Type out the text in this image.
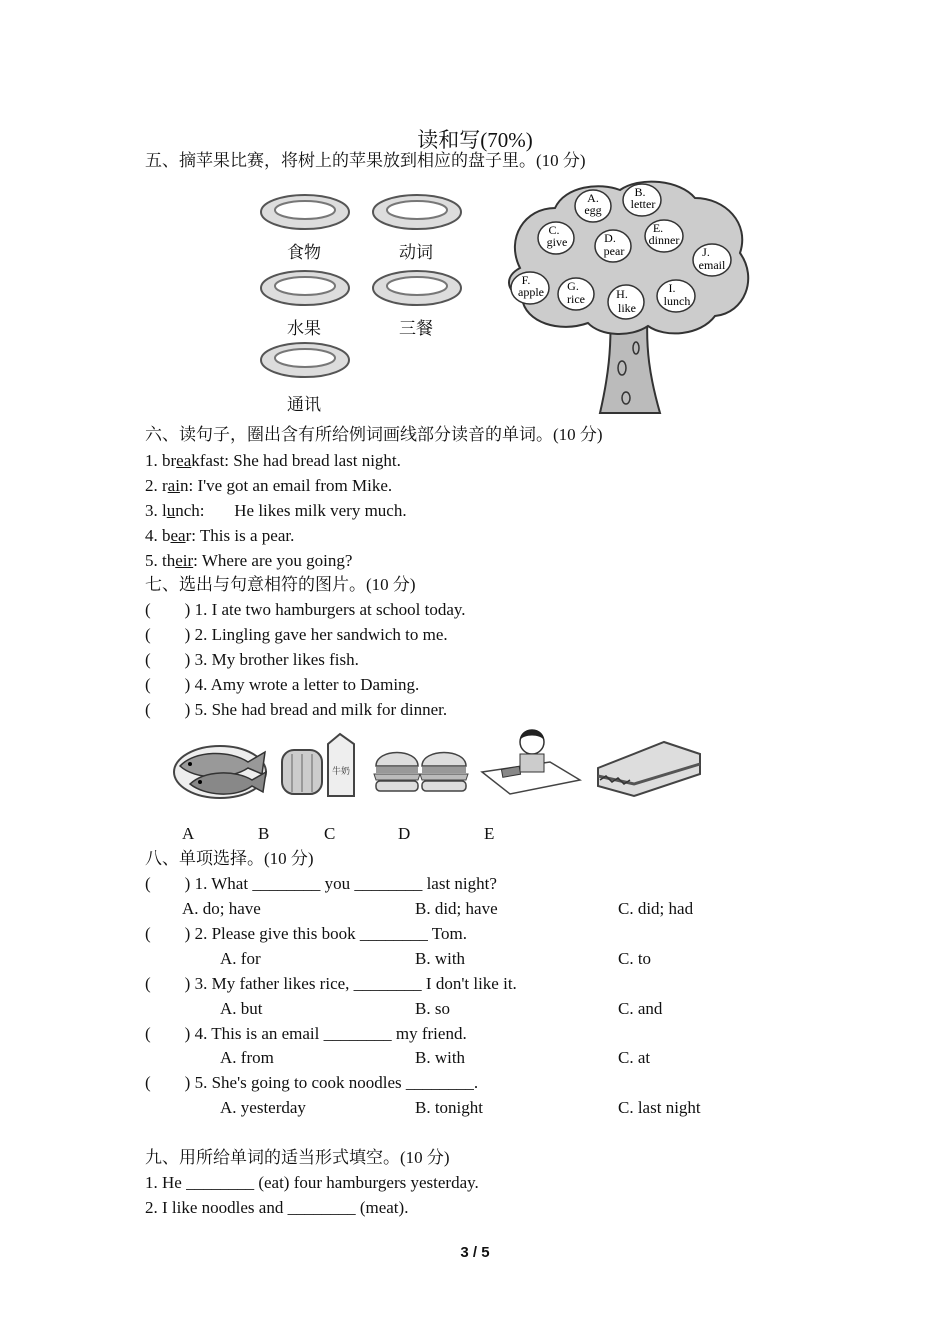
读和写(70%)
五、摘苹果比赛，将树上的苹果放到相应的盘子里。(10 分)
食物	动词
水果	三餐
通讯
A.
egg
B.
letter
C.
give	D.
pear
E.
dinner
J.
email
F.
apple G.
rice	H.
like
I.
lunch
六、读句子，圈出含有所给例词画线部分读音的单词。(10 分)
1. breakfast: She had bread last night.
2. rain: I've got an email from Mike.
3. lunch:       He likes milk very much.
4. bear: This is a pear.
5. their: Where are you going?
七、选出与句意相符的图片。(10 分)
(        ) 1. I ate two hamburgers at school today.
(        ) 2. Lingling gave her sandwich to me.
(        ) 3. My brother likes fish.
(        ) 4. Amy wrote a letter to Daming.
(        ) 5. She had bread and milk for dinner.
牛奶
A	B	C	D	E
八、单项选择。(10 分)
(        ) 1. What ________ you ________ last night?
A. do; have	B. did; have	C. did; had
(        ) 2. Please give this book ________ Tom.
A. for	B. with	C. to
(        ) 3. My father likes rice, ________ I don't like it.
A. but	B. so	C. and
(        ) 4. This is an email ________ my friend.
A. from	B. with	C. at
(        ) 5. She's going to cook noodles ________.
A. yesterday	B. tonight	C. last night
九、用所给单词的适当形式填空。(10 分)
1. He ________ (eat) four hamburgers yesterday.
2. I like noodles and ________ (meat).
3 / 5
